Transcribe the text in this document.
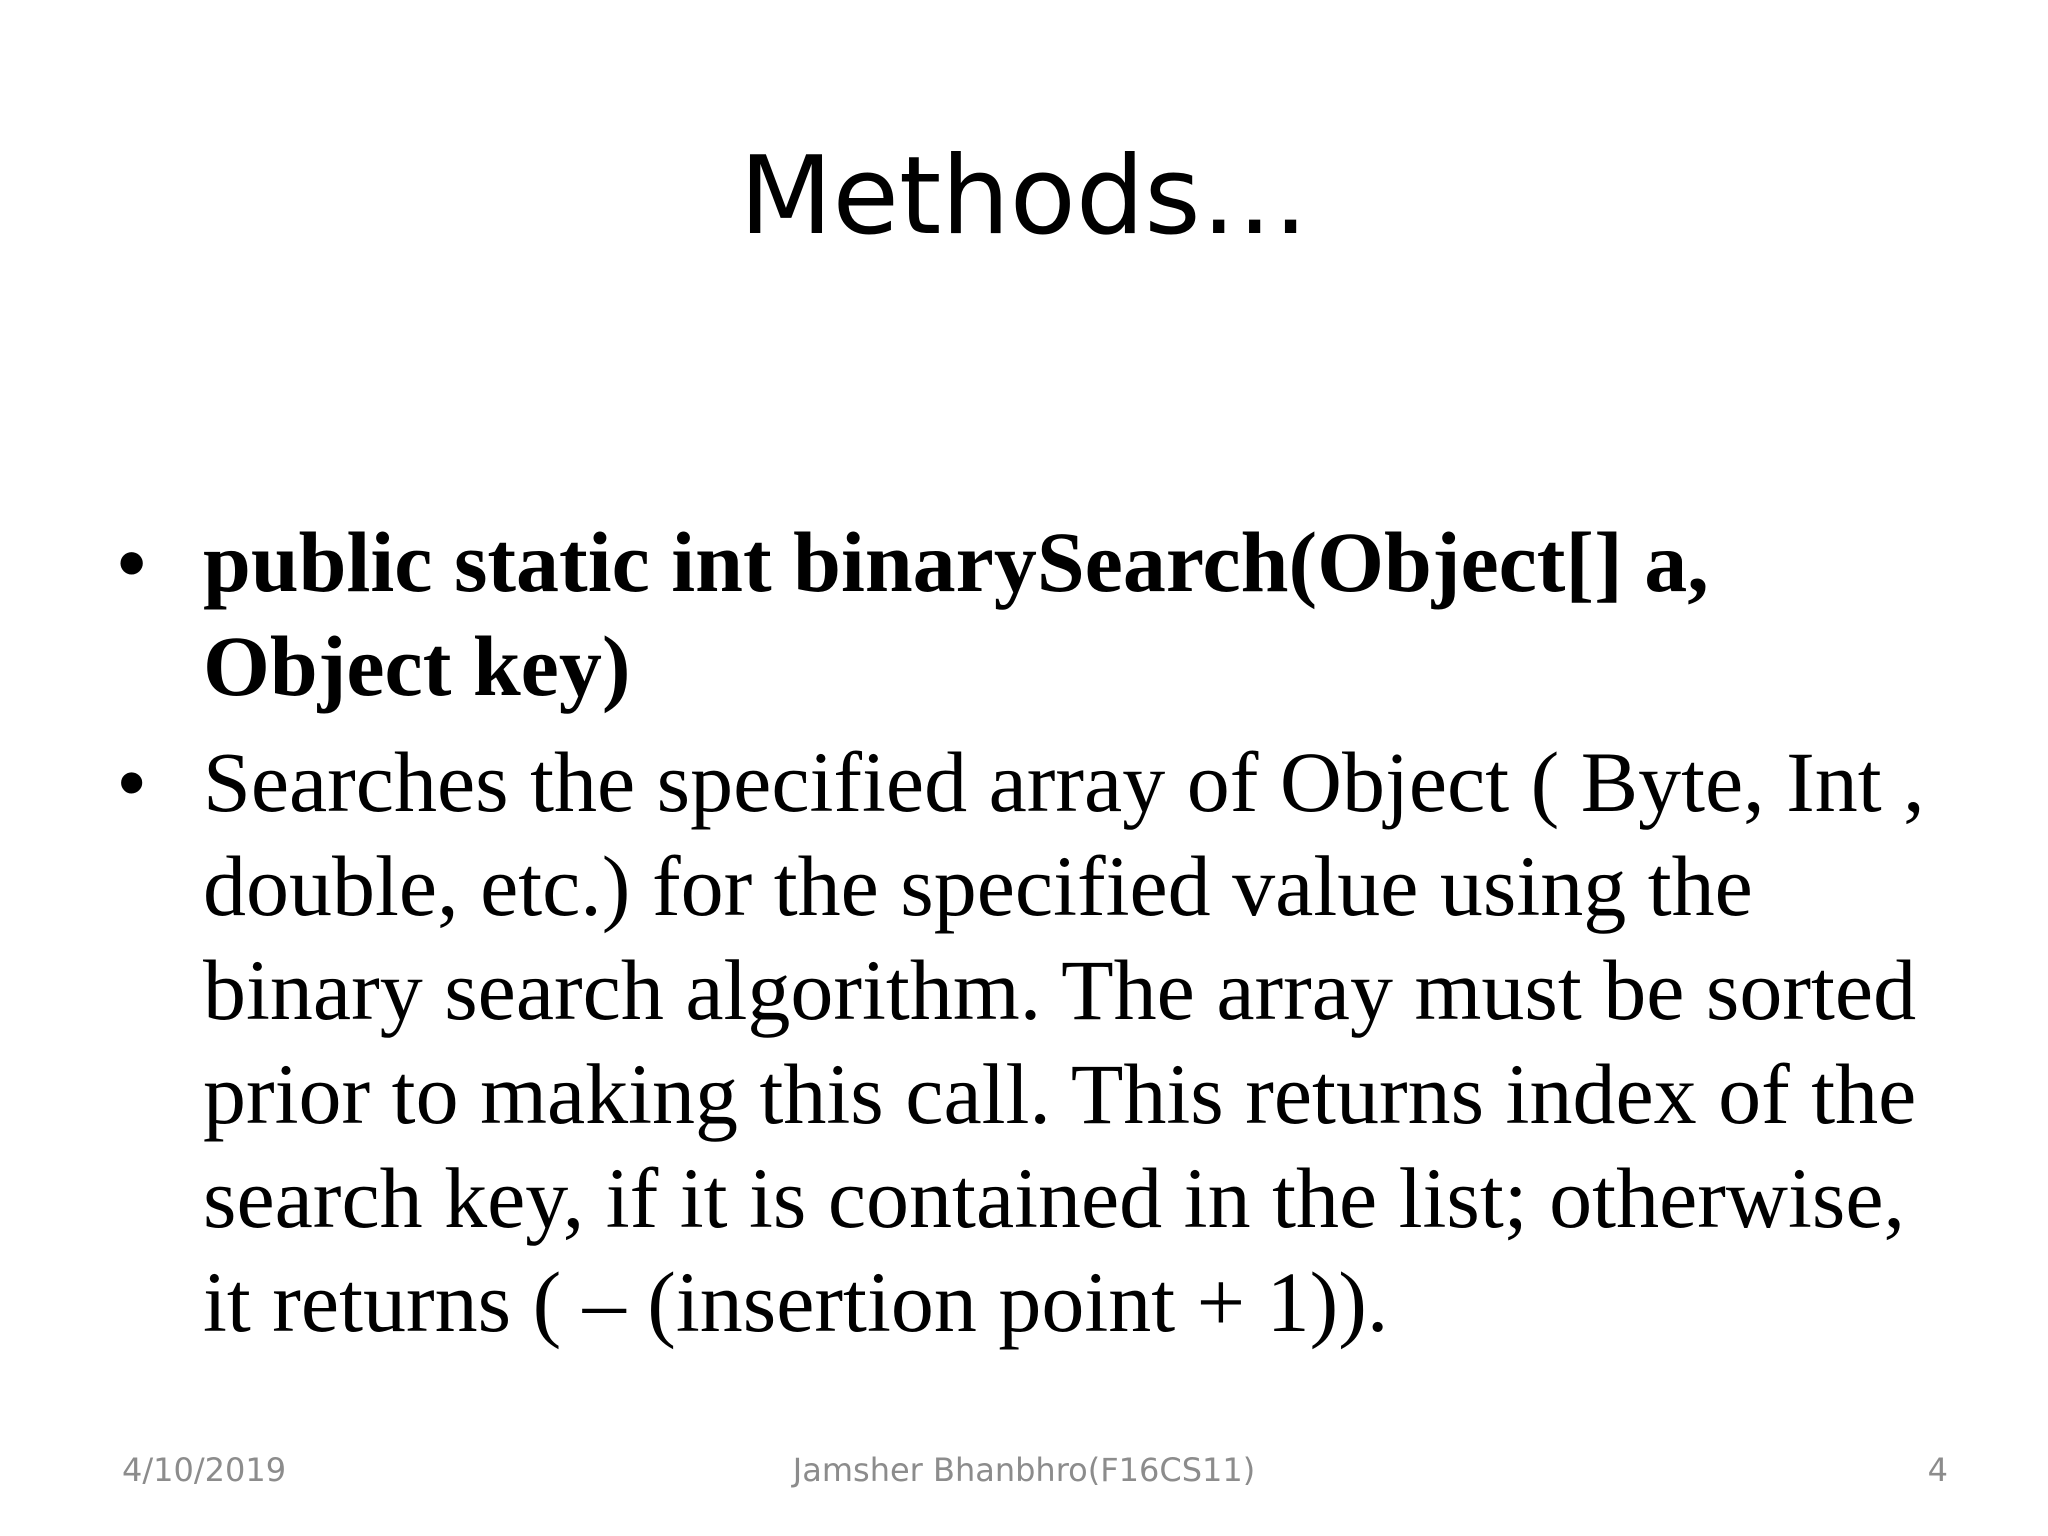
Methods…
• public static int binarySearch(Object[] a, Object key)
• Searches the specified array of Object ( Byte, Int , double, etc.) for the specified value using the binary search algorithm. The array must be sorted prior to making this call. This returns index of the search key, if it is contained in the list; otherwise, it returns ( – (insertion point + 1)).
4/10/2019	Jamsher Bhanbhro(F16CS11)	4
